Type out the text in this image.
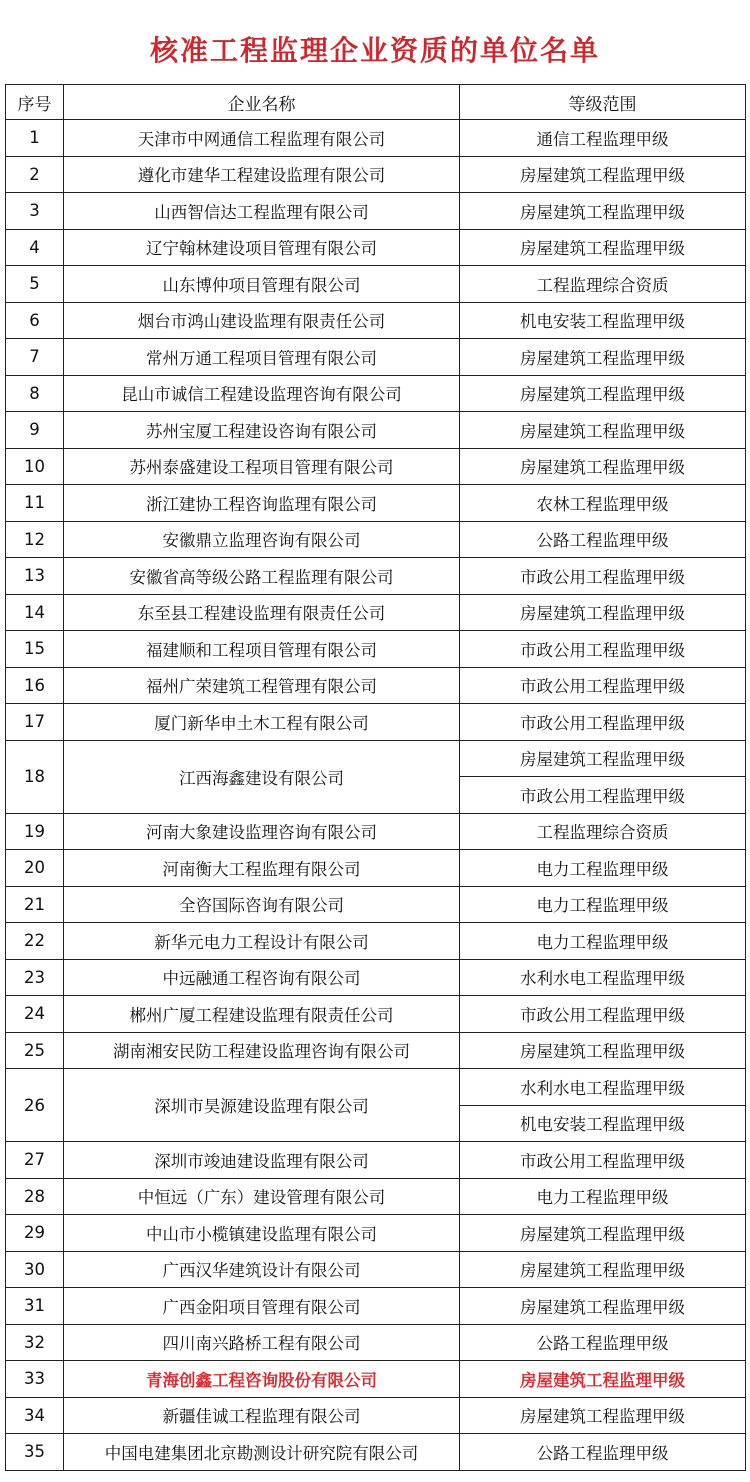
核准工程监理企业资质的单位名单
序号	企业名称	等级范围
1	天津市中网通信工程监理有限公司	通信工程监理甲级
2	遵化市建华工程建设监理有限公司	房屋建筑工程监理甲级
3	山西智信达工程监理有限公司	房屋建筑工程监理甲级
4	辽宁翰林建设项目管理有限公司	房屋建筑工程监理甲级
5	山东博仲项目管理有限公司	工程监理综合资质
6	烟台市鸿山建设监理有限责任公司	机电安装工程监理甲级
7	常州万通工程项目管理有限公司	房屋建筑工程监理甲级
8	昆山市诚信工程建设监理咨询有限公司	房屋建筑工程监理甲级
9	苏州宝厦工程建设咨询有限公司	房屋建筑工程监理甲级
10	苏州泰盛建设工程项目管理有限公司	房屋建筑工程监理甲级
11	浙江建协工程咨询监理有限公司	农林工程监理甲级
12	安徽鼎立监理咨询有限公司	公路工程监理甲级
13	安徽省高等级公路工程监理有限公司	市政公用工程监理甲级
14	东至县工程建设监理有限责任公司	房屋建筑工程监理甲级
15	福建顺和工程项目管理有限公司	市政公用工程监理甲级
16	福州广荣建筑工程管理有限公司	市政公用工程监理甲级
17	厦门新华申土木工程有限公司	市政公用工程监理甲级
18	江西海鑫建设有限公司	房屋建筑工程监理甲级
		市政公用工程监理甲级
19	河南大象建设监理咨询有限公司	工程监理综合资质
20	河南衡大工程监理有限公司	电力工程监理甲级
21	全咨国际咨询有限公司	电力工程监理甲级
22	新华元电力工程设计有限公司	电力工程监理甲级
23	中远融通工程咨询有限公司	水利水电工程监理甲级
24	郴州广厦工程建设监理有限责任公司	市政公用工程监理甲级
25	湖南湘安民防工程建设监理咨询有限公司	房屋建筑工程监理甲级
26	深圳市昊源建设监理有限公司	水利水电工程监理甲级
		机电安装工程监理甲级
27	深圳市竣迪建设监理有限公司	市政公用工程监理甲级
28	中恒远（广东）建设管理有限公司	电力工程监理甲级
29	中山市小榄镇建设监理有限公司	房屋建筑工程监理甲级
30	广西汉华建筑设计有限公司	房屋建筑工程监理甲级
31	广西金阳项目管理有限公司	房屋建筑工程监理甲级
32	四川南兴路桥工程有限公司	公路工程监理甲级
33	青海创鑫工程咨询股份有限公司	房屋建筑工程监理甲级
34	新疆佳诚工程监理有限公司	房屋建筑工程监理甲级
35	中国电建集团北京勘测设计研究院有限公司	公路工程监理甲级
